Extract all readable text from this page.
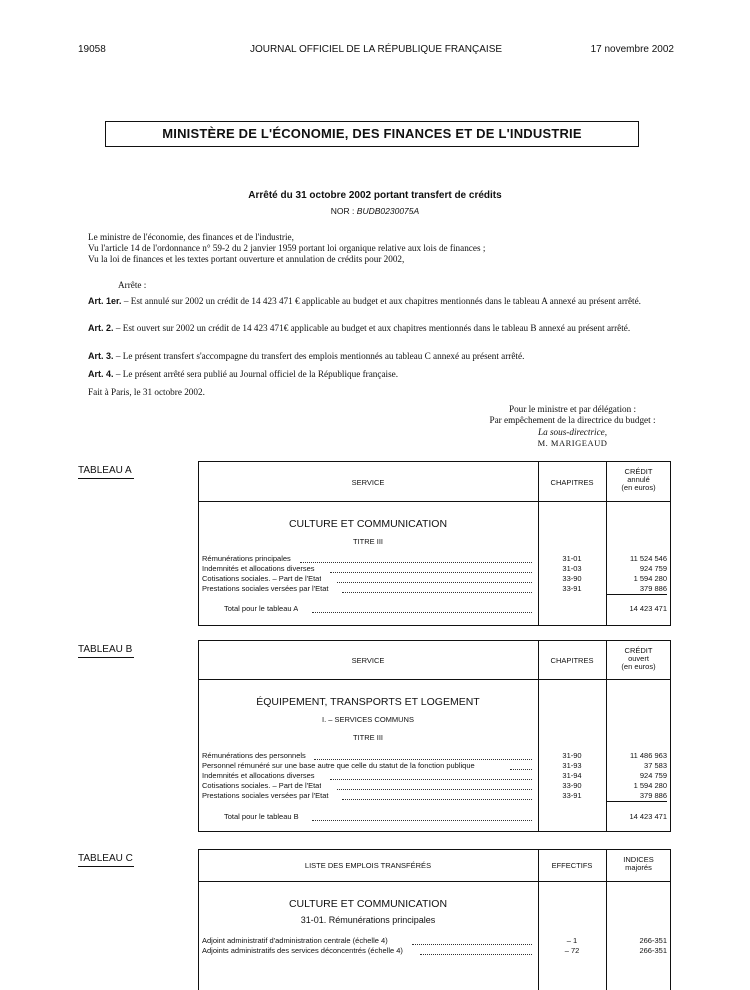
19058	JOURNAL OFFICIEL DE LA RÉPUBLIQUE FRANÇAISE	17 novembre 2002
MINISTÈRE DE L'ÉCONOMIE, DES FINANCES ET DE L'INDUSTRIE
Arrêté du 31 octobre 2002 portant transfert de crédits
NOR : BUDB0230075A
Le ministre de l'économie, des finances et de l'industrie,
Vu l'article 14 de l'ordonnance n° 59-2 du 2 janvier 1959 portant loi organique relative aux lois de finances ;
Vu la loi de finances et les textes portant ouverture et annulation de crédits pour 2002,
Arrête :
Art. 1er. – Est annulé sur 2002 un crédit de 14 423 471 € applicable au budget et aux chapitres mentionnés dans le tableau A annexé au présent arrêté.
Art. 2. – Est ouvert sur 2002 un crédit de 14 423 471€ applicable au budget et aux chapitres mentionnés dans le tableau B annexé au présent arrêté.
Art. 3. – Le présent transfert s'accompagne du transfert des emplois mentionnés au tableau C annexé au présent arrêté.
Art. 4. – Le présent arrêté sera publié au Journal officiel de la République française.
Fait à Paris, le 31 octobre 2002.
Pour le ministre et par délégation :
Par empêchement de la directrice du budget :
La sous-directrice,
M. MARIGEAUD
TABLEAU A
SERVICE	CHAPITRES
CRÉDIT
annulé
(en euros)
CULTURE ET COMMUNICATION
TITRE III
Rémunérations principales	31-01	11 524 546
Indemnités et allocations diverses	31-03	924 759
Cotisations sociales. – Part de l'Etat	33-90	1 594 280
Prestations sociales versées par l'Etat	33-91	379 886
Total pour le tableau A	14 423 471
TABLEAU B
SERVICE	CHAPITRES
CRÉDIT
ouvert
(en euros)
ÉQUIPEMENT, TRANSPORTS ET LOGEMENT
I. – SERVICES COMMUNS
TITRE III
Rémunérations des personnels	31-90	11 486 963
Personnel rémunéré sur une base autre que celle du statut de la fonction publique	31-93	37 583
Indemnités et allocations diverses	31-94	924 759
Cotisations sociales. – Part de l'Etat	33-90	1 594 280
Prestations sociales versées par l'Etat	33-91	379 886
Total pour le tableau B	14 423 471
TABLEAU C
LISTE DES EMPLOIS TRANSFÉRÉS	EFFECTIFS
INDICES
majorés
CULTURE ET COMMUNICATION
31-01. Rémunérations principales
Adjoint administratif d'administration centrale (échelle 4)	– 1	266-351
Adjoints administratifs des services déconcentrés (échelle 4)	– 72	266-351
